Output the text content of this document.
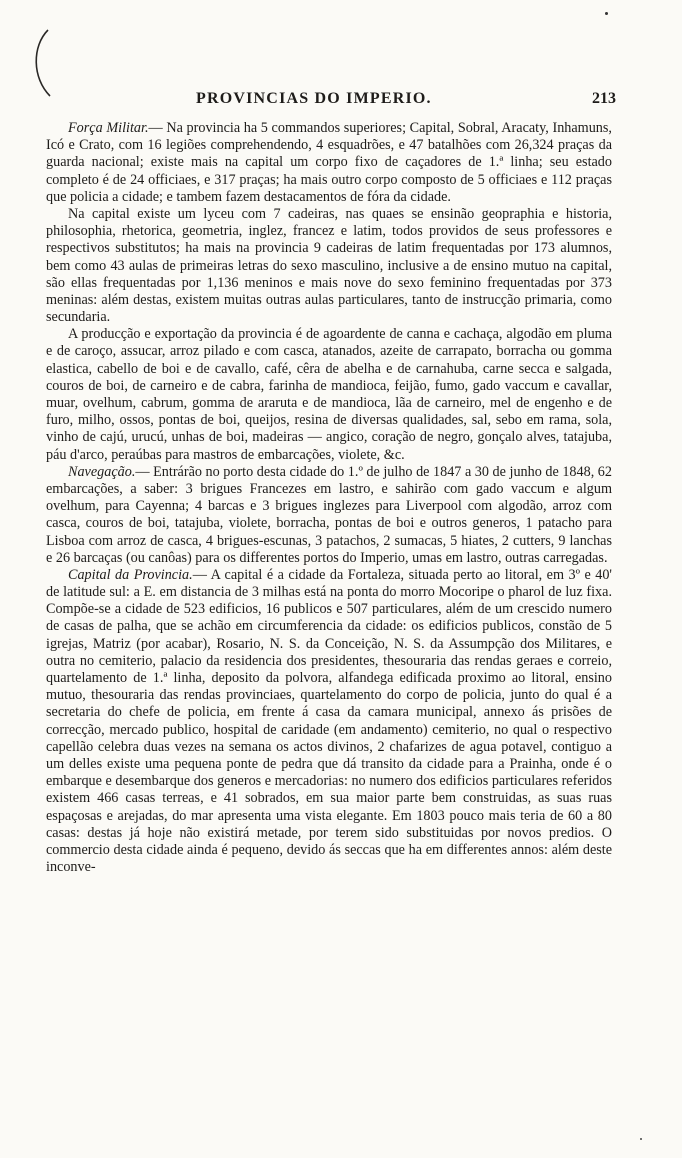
PROVINCIAS DO IMPERIO.	213

Força Militar.— Na provincia ha 5 commandos superiores; Capital, Sobral, Aracaty, Inhamuns, Icó e Crato, com 16 legiões comprehendendo, 4 esquadrões, e 47 batalhões com 26,324 praças da guarda nacional; existe mais na capital um corpo fixo de caçadores de 1.ª linha; seu estado completo é de 24 officiaes, e 317 praças; ha mais outro corpo composto de 5 officiaes e 112 praças que policia a cidade; e tambem fazem destacamentos de fóra da cidade.

Na capital existe um lyceu com 7 cadeiras, nas quaes se ensinão geopraphia e historia, philosophia, rhetorica, geometria, inglez, francez e latim, todos providos de seus professores e respectivos substitutos; ha mais na provincia 9 cadeiras de latim frequentadas por 173 alumnos, bem como 43 aulas de primeiras letras do sexo masculino, inclusive a de ensino mutuo na capital, são ellas frequentadas por 1,136 meninos e mais nove do sexo feminino frequentadas por 373 meninas: além destas, existem muitas outras aulas particulares, tanto de instrucção primaria, como secundaria.

A producção e exportação da provincia é de agoardente de canna e cachaça, algodão em pluma e de caroço, assucar, arroz pilado e com casca, atanados, azeite de carrapato, borracha ou gomma elastica, cabello de boi e de cavallo, café, cêra de abelha e de carnahuba, carne secca e salgada, couros de boi, de carneiro e de cabra, farinha de mandioca, feijão, fumo, gado vaccum e cavallar, muar, ovelhum, cabrum, gomma de araruta e de mandioca, lãa de carneiro, mel de engenho e de furo, milho, ossos, pontas de boi, queijos, resina de diversas qualidades, sal, sebo em rama, sola, vinho de cajú, urucú, unhas de boi, madeiras — angico, coração de negro, gonçalo alves, tatajuba, páu d'arco, peraúbas para mastros de embarcações, violete, &c.

Navegação.— Entrárão no porto desta cidade do 1.º de julho de 1847 a 30 de junho de 1848, 62 embarcações, a saber: 3 brigues Francezes em lastro, e sahirão com gado vaccum e algum ovelhum, para Cayenna; 4 barcas e 3 brigues inglezes para Liverpool com algodão, arroz com casca, couros de boi, tatajuba, violete, borracha, pontas de boi e outros generos, 1 patacho para Lisboa com arroz de casca, 4 brigues-escunas, 3 patachos, 2 sumacas, 5 hiates, 2 cutters, 9 lanchas e 26 barcaças (ou canôas) para os differentes portos do Imperio, umas em lastro, outras carregadas.

Capital da Provincia.— A capital é a cidade da Fortaleza, situada perto ao litoral, em 3º e 40' de latitude sul: a E. em distancia de 3 milhas está na ponta do morro Mocoripe o pharol de luz fixa. Compõe-se a cidade de 523 edificios, 16 publicos e 507 particulares, além de um crescido numero de casas de palha, que se achão em circumferencia da cidade: os edificios publicos, constão de 5 igrejas, Matriz (por acabar), Rosario, N. S. da Conceição, N. S. da Assumpção dos Militares, e outra no cemiterio, palacio da residencia dos presidentes, thesouraria das rendas geraes e correio, quartelamento de 1.ª linha, deposito da polvora, alfandega edificada proximo ao litoral, ensino mutuo, thesouraria das rendas provinciaes, quartelamento do corpo de policia, junto do qual é a secretaria do chefe de policia, em frente á casa da camara municipal, annexo ás prisões de correcção, mercado publico, hospital de caridade (em andamento) cemiterio, no qual o respectivo capellão celebra duas vezes na semana os actos divinos, 2 chafarizes de agua potavel, contiguo a um delles existe uma pequena ponte de pedra que dá transito da cidade para a Prainha, onde é o embarque e desembarque dos generos e mercadorias: no numero dos edificios particulares referidos existem 466 casas terreas, e 41 sobrados, em sua maior parte bem construidas, as suas ruas espaçosas e arejadas, do mar apresenta uma vista elegante. Em 1803 pouco mais teria de 60 a 80 casas: destas já hoje não existirá metade, por terem sido substituidas por novos predios. O commercio desta cidade ainda é pequeno, devido ás seccas que ha em differentes annos: além deste inconve-
